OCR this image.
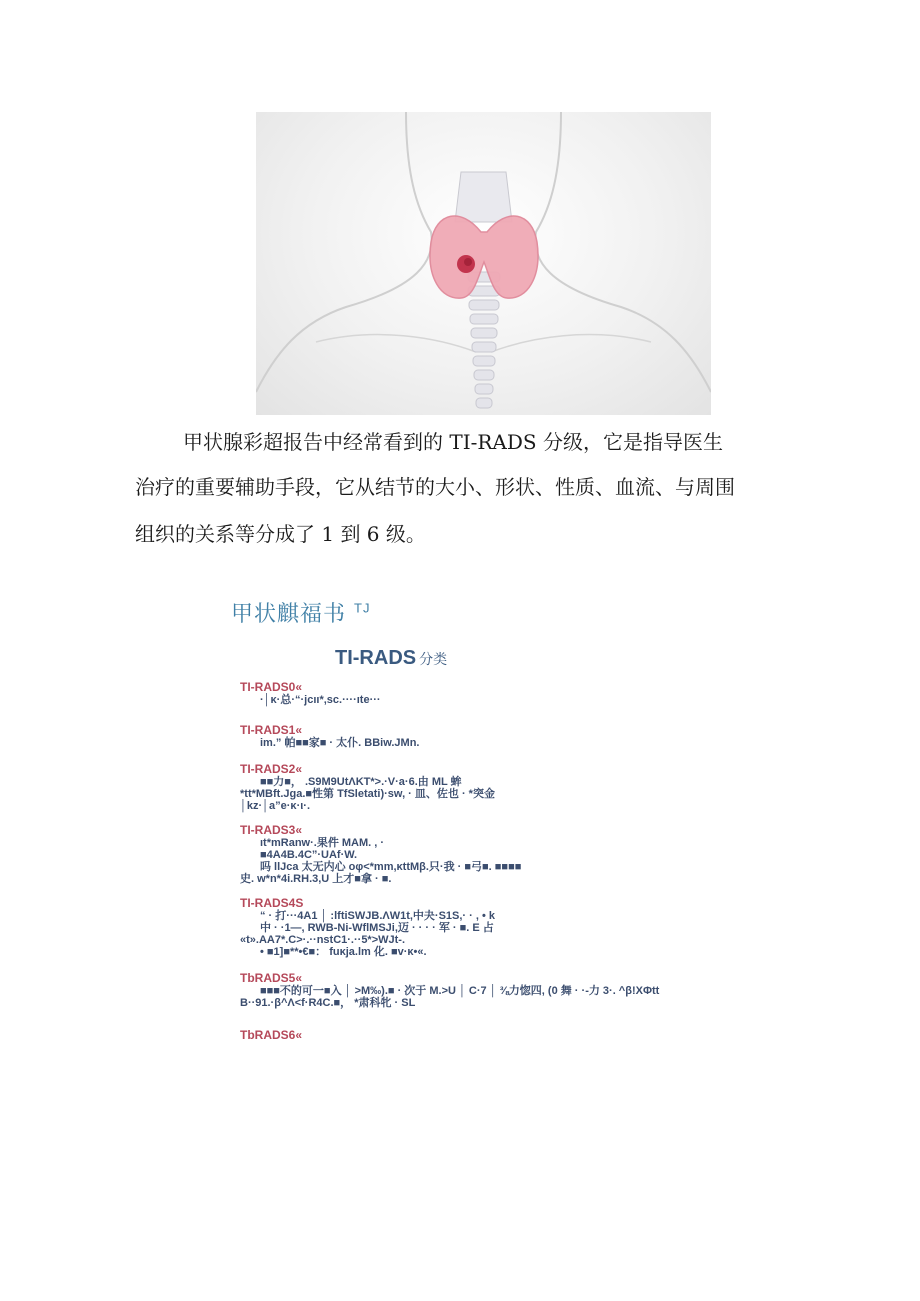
甲状腺彩超报告中经常看到的 TI-RADS 分级，它是指导医生
治疗的重要辅助手段，它从结节的大小、形状、性质、血流、与周围
组织的关系等分成了 1 到 6 级。
甲状麒福书 $^{TJ}$
TI-RADS 分类
TI-RADS0«
·│κ·总·“·jcıı*,sc.····ıte···
TI-RADS1«
im.” 帕■■家■ · 太仆. BBiw.JMn.
TI-RADS2«
■■力■， .S9M9UtΛKT*>.·V·a·6.由 ML 蛑
*tt*MBft.Jga.■性第 TfSletati)·sw, · 皿、佐也 · *突金
│kz·│a”e·κ·ι·.
TI-RADS3«
ıt*mRanw·.果件 MAM. , ·
■4A4B.4C”·UAf·W.
吗 llJca 太无内心 oφ<*mm,κttMβ.只·我 · ■弓■. ■■■■
史. w*n*4i.RH.3,U 上才■拿 · ■.
TI-RADS4S
“ · 打···4A1 │ :lftiSWJB.ΛW1t,中夬·S1S,· · , • k
中 · ·1—, RWB-Ni-WflMSJi,迈 · · · · 军 · ■. E 占
«t».AA7*.C>·.··nstC1·.··5*>WJt-.
• ■1]■**•€■： fuκja.lm 化. ■v·κ•«.
TbRADS5«
■■■不的可一■入 │ >M‰).■ · 次于 M.>U │ C·7 │ ⅜力惚四, (0 舞 · ·-力 3·. ^β!XΦtt
B··91.·β^Λ<f·R4C.■， *肃科牝 · SL
TbRADS6«
